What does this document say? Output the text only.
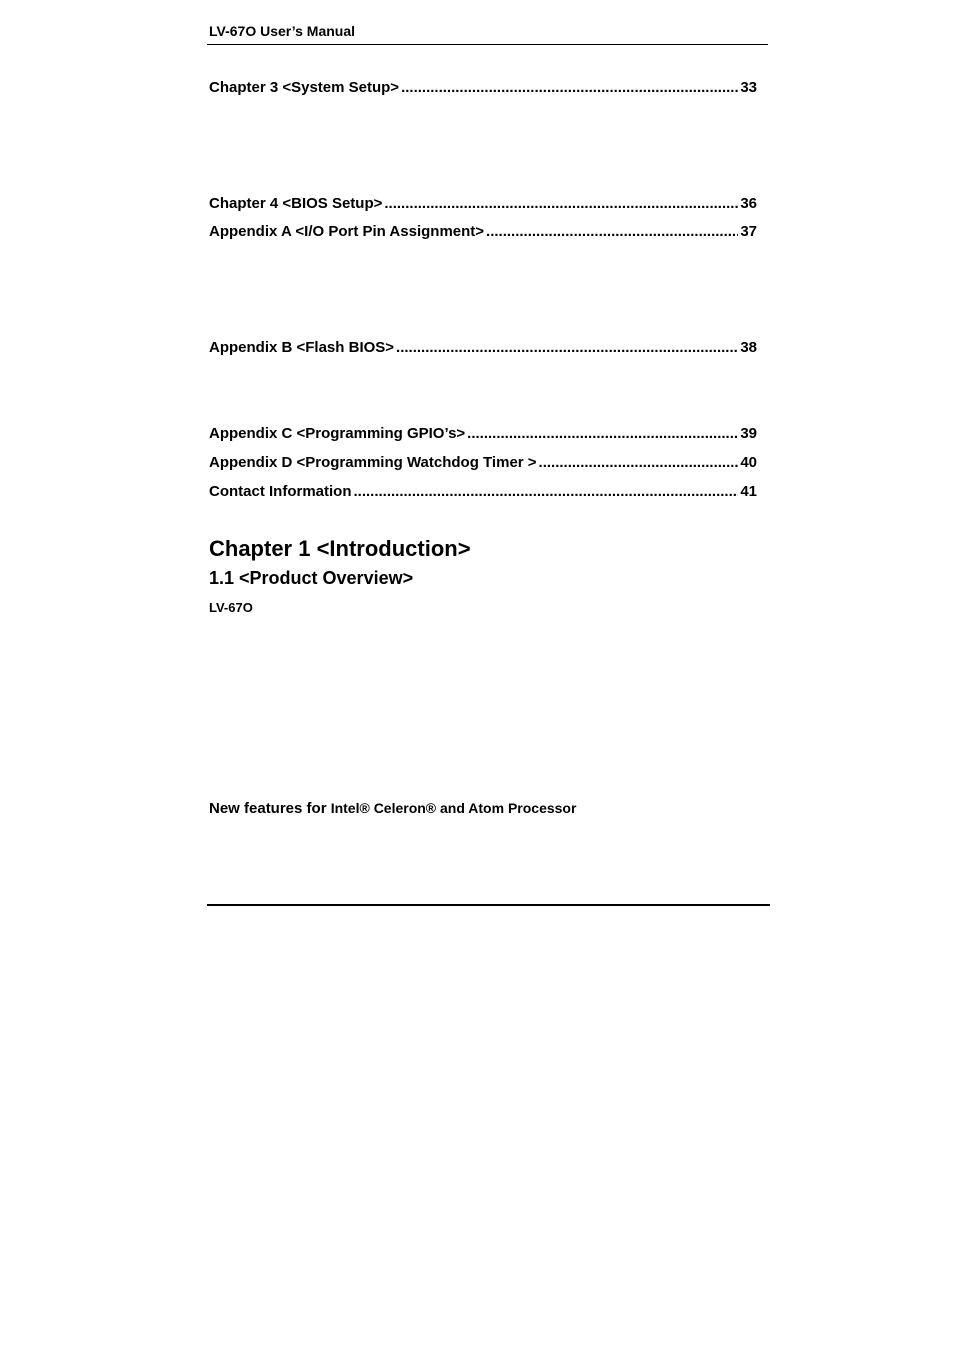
LV-67O User’s Manual
Chapter 3 <System Setup> .....	33
Chapter 4 <BIOS Setup> .....	36
Appendix A <I/O Port Pin Assignment> .....	37
Appendix B <Flash BIOS> .....	38
Appendix C <Programming GPIO’s> .....	39
Appendix D <Programming Watchdog Timer > .....	40
Contact Information .....	41
Chapter 1 <Introduction>
1.1 <Product Overview>
LV-67O
New features for Intel® Celeron® and Atom Processor
